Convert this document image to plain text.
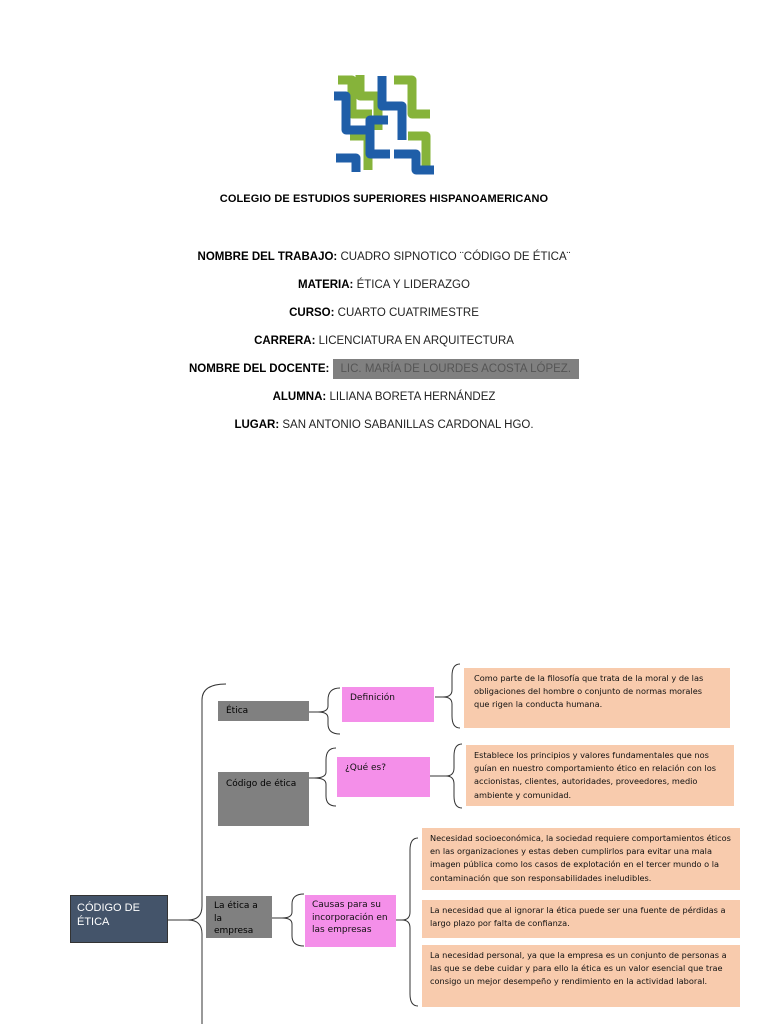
COLEGIO DE ESTUDIOS SUPERIORES HISPANOAMERICANO
NOMBRE DEL TRABAJO: CUADRO SIPNOTICO ¨CÓDIGO DE ÉTICA¨
MATERIA: ÉTICA Y LIDERAZGO
CURSO: CUARTO CUATRIMESTRE
CARRERA: LICENCIATURA EN ARQUITECTURA
NOMBRE DEL DOCENTE: LIC. MARÍA DE LOURDES ACOSTA LÓPEZ.
ALUMNA: LILIANA BORETA HERNÁNDEZ
LUGAR: SAN ANTONIO SABANILLAS CARDONAL HGO.
CÓDIGO DE ÉTICA
Ética
Definición
Como parte de la filosofía que trata de la moral y de las obligaciones del hombre o conjunto de normas morales que rigen la conducta humana.
Código de ética
¿Qué es?
Establece los principios y valores fundamentales que nos guían en nuestro comportamiento ético en relación con los accionistas, clientes, autoridades, proveedores, medio ambiente y comunidad.
La ética a la empresa
Causas para su incorporación en las empresas
Necesidad socioeconómica, la sociedad requiere comportamientos éticos en las organizaciones y estas deben cumplirlos para evitar una mala imagen pública como los casos de explotación en el tercer mundo o la contaminación que son responsabilidades ineludibles.
La necesidad que al ignorar la ética puede ser una fuente de pérdidas a largo plazo por falta de confianza.
La necesidad personal, ya que la empresa es un conjunto de personas a las que se debe cuidar y para ello la ética es un valor esencial que trae consigo un mejor desempeño y rendimiento en la actividad laboral.
